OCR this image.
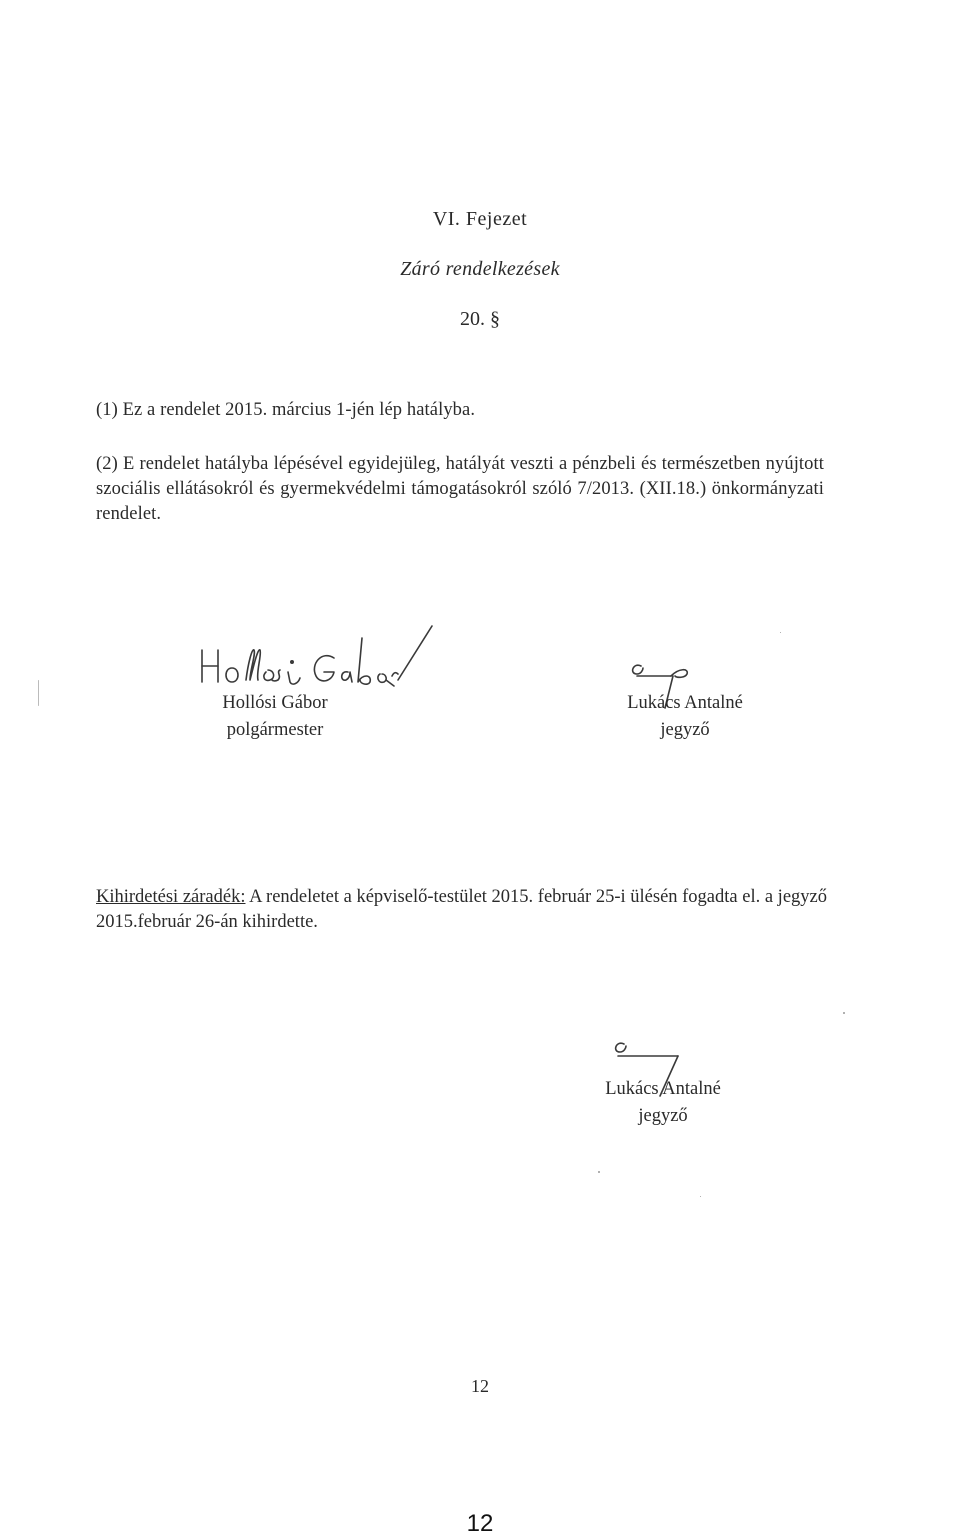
VI. Fejezet
Záró rendelkezések
20. §
(1) Ez a rendelet 2015. március 1-jén lép hatályba.
(2) E rendelet hatályba lépésével egyidejüleg, hatályát veszti a pénzbeli és természetben nyújtott szociális ellátásokról és gyermekvédelmi támogatásokról szóló 7/2013. (XII.18.) önkormányzati rendelet.
Hollósi Gábor
polgármester
Lukács Antalné
jegyző
Kihirdetési záradék: A rendeletet a képviselő-testület 2015. február 25-i ülésén fogadta el. a jegyző 2015.február 26-án kihirdette.
Lukács Antalné
jegyző
12
12
